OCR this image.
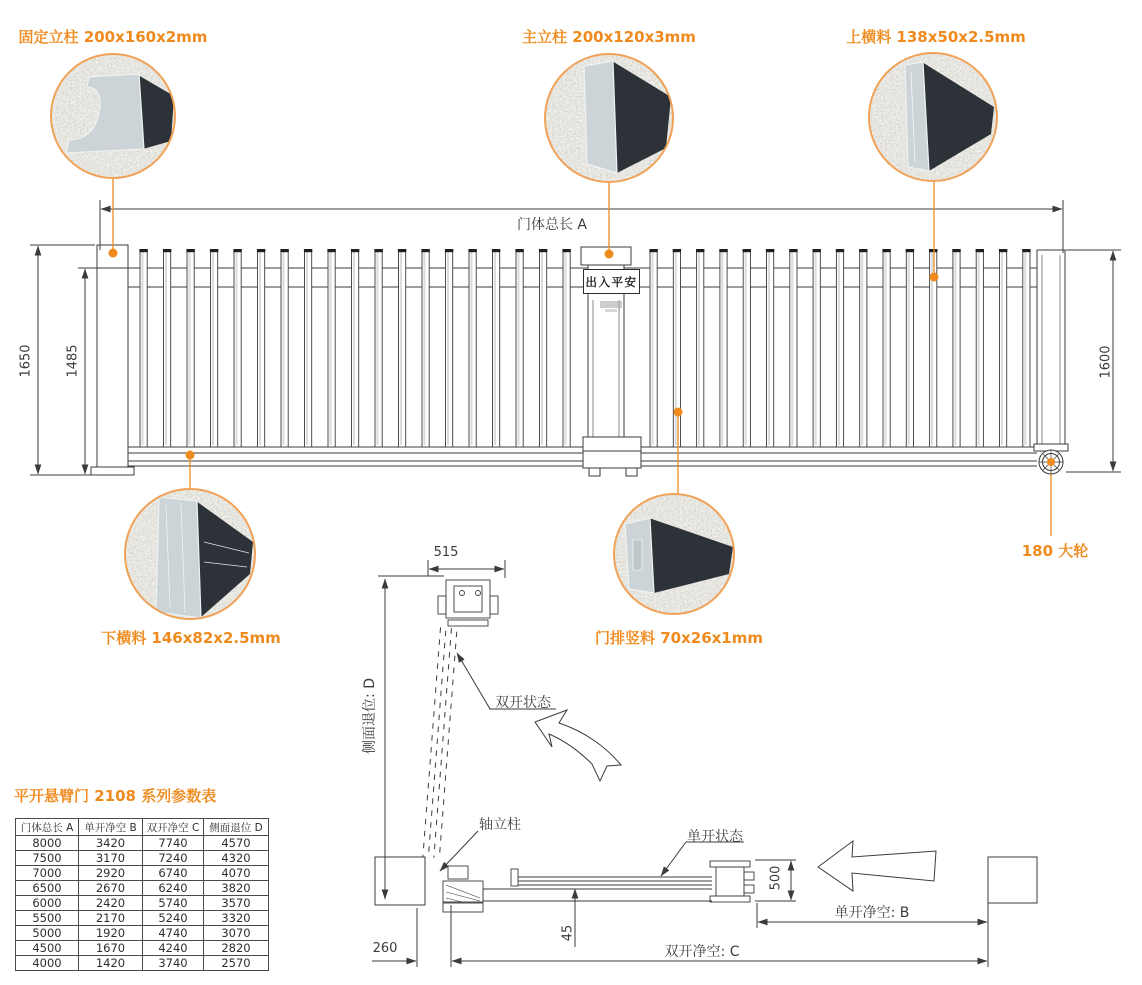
固定立柱 200x160x2mm	主立柱 200x120x3mm	上横料 138x50x2.5mm
下横料 146x82x2.5mm	门排竖料 70x26x1mm
180 大轮
门体总长 A
1650 1485	1600
出入平安
515
侧面退位: D	双开状态
轴立柱
单开状态
500
260
45
单开净空: B
双开净空: C
平开悬臂门 2108 系列参数表
门体总长 A	单开净空 B	双开净空 C	侧面退位 D
8000	3420	7740	4570
7500	3170	7240	4320
7000	2920	6740	4070
6500	2670	6240	3820
6000	2420	5740	3570
5500	2170	5240	3320
5000	1920	4740	3070
4500	1670	4240	2820
4000	1420	3740	2570
